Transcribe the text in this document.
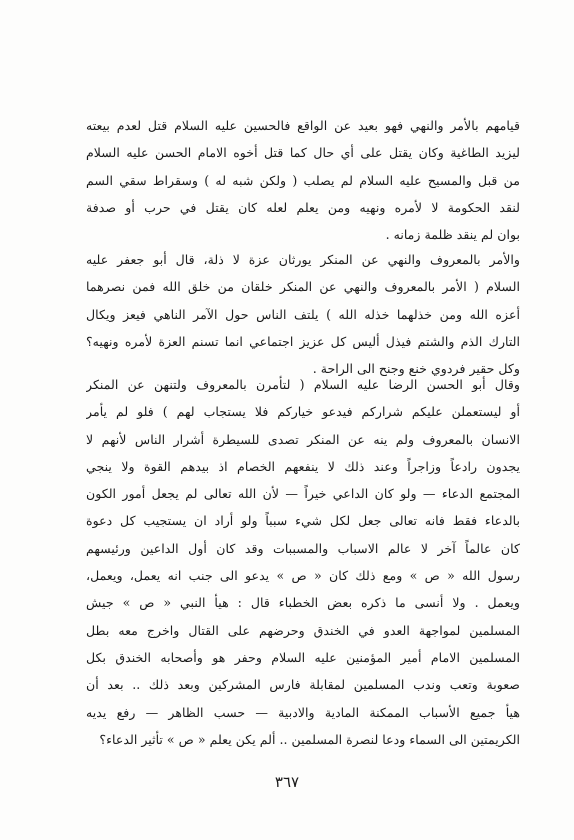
قيامهم بالأمر والنهي فهو بعيد عن الواقع فالحسين عليه السلام قتل لعدم بيعته
ليزيد الطاغية وكان يقتل على أي حال كما قتل أخوه الامام الحسن عليه السلام
من قبل والمسيح عليه السلام لم يصلب ( ولكن شبه له ) وسقراط سقي السم
لنقد الحكومة لا لأمره ونهيه ومن يعلم لعله كان يقتل في حرب أو صدفة
بوان لم ينقد ظلمة زمانه .
والأمر بالمعروف والنهي عن المنكر يورثان عزة لا ذلة، قال أبو جعفر عليه
السلام ( الأمر بالمعروف والنهي عن المنكر خلقان من خلق الله فمن نصرهما
أعزه الله ومن خذلهما خذله الله ) يلتف الناس حول الآمر الناهي فيعز ويكال
التارك الذم والشتم فيذل أليس كل عزيز اجتماعي انما تسنم العزة لأمره ونهيه؟
وكل حقير فردوي خنع وجنح الى الراحة .
وقال أبو الحسن الرضا عليه السلام ( لتأمرن بالمعروف ولتنهن عن المنكر
أو ليستعملن عليكم شراركم فيدعو خياركم فلا يستجاب لهم ) فلو لم يأمر
الانسان بالمعروف ولم ينه عن المنكر تصدى للسيطرة أشرار الناس لأنهم لا
يجدون رادعاً وزاجراً وعند ذلك لا ينفعهم الخصام اذ بيدهم القوة ولا ينجي
المجتمع الدعاء — ولو كان الداعي خيراً — لأن الله تعالى لم يجعل أمور الكون
بالدعاء فقط فانه تعالى جعل لكل شيء سبباً ولو أراد ان يستجيب كل دعوة
كان عالماً آخر لا عالم الاسباب والمسببات وقد كان أول الداعين ورئيسهم
رسول الله « ص » ومع ذلك كان « ص » يدعو الى جنب انه يعمل، ويعمل،
ويعمل . ولا أنسى ما ذكره بعض الخطباء قال : هيأ النبي « ص » جيش
المسلمين لمواجهة العدو في الخندق وحرضهم على القتال واخرج معه بطل
المسلمين الامام أمير المؤمنين عليه السلام وحفر هو وأصحابه الخندق بكل
صعوبة وتعب وندب المسلمين لمقابلة فارس المشركين وبعد ذلك .. بعد أن
هيأ جميع الأسباب الممكنة المادية والادبية — حسب الظاهر — رفع يديه
الكريمتين الى السماء ودعا لنصرة المسلمين .. ألم يكن يعلم « ص » تأثير الدعاء؟
٣٦٧
